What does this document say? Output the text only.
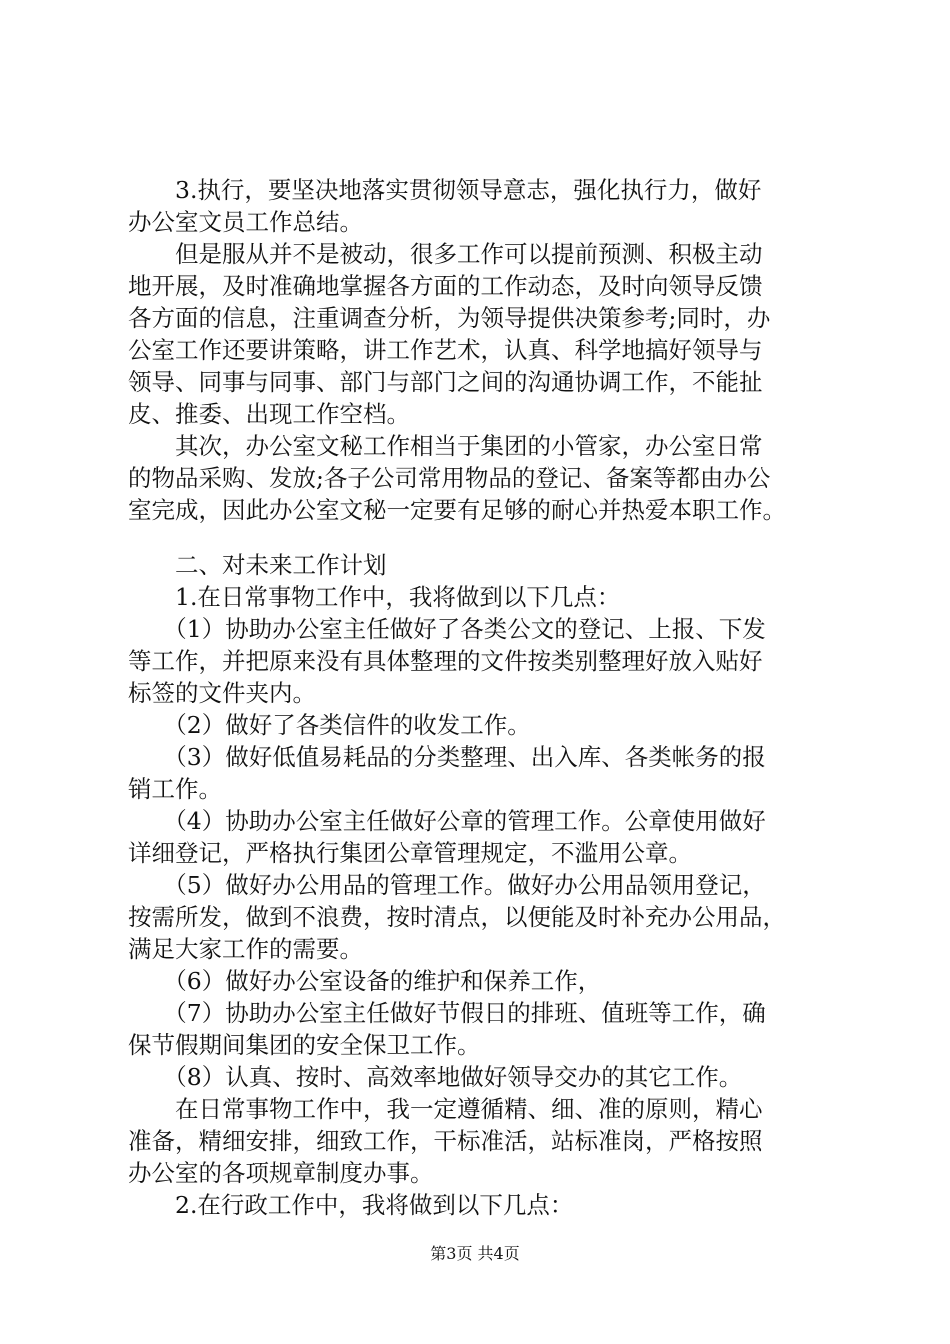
　　3.执行，要坚决地落实贯彻领导意志，强化执行力，做好
办公室文员工作总结。
　　但是服从并不是被动，很多工作可以提前预测、积极主动
地开展，及时准确地掌握各方面的工作动态，及时向领导反馈
各方面的信息，注重调查分析，为领导提供决策参考;同时，办
公室工作还要讲策略，讲工作艺术，认真、科学地搞好领导与
领导、同事与同事、部门与部门之间的沟通协调工作，不能扯
皮、推委、出现工作空档。
　　其次，办公室文秘工作相当于集团的小管家，办公室日常
的物品采购、发放;各子公司常用物品的登记、备案等都由办公
室完成，因此办公室文秘一定要有足够的耐心并热爱本职工作。
　　二、对未来工作计划
　　1.在日常事物工作中，我将做到以下几点：
　　（1）协助办公室主任做好了各类公文的登记、上报、下发
等工作，并把原来没有具体整理的文件按类别整理好放入贴好
标签的文件夹内。
　　（2）做好了各类信件的收发工作。
　　（3）做好低值易耗品的分类整理、出入库、各类帐务的报
销工作。
　　（4）协助办公室主任做好公章的管理工作。公章使用做好
详细登记，严格执行集团公章管理规定，不滥用公章。
　　（5）做好办公用品的管理工作。做好办公用品领用登记，
按需所发，做到不浪费，按时清点，以便能及时补充办公用品，
满足大家工作的需要。
　　（6）做好办公室设备的维护和保养工作，
　　（7）协助办公室主任做好节假日的排班、值班等工作，确
保节假期间集团的安全保卫工作。
　　（8）认真、按时、高效率地做好领导交办的其它工作。
　　在日常事物工作中，我一定遵循精、细、准的原则，精心
准备，精细安排，细致工作，干标准活，站标准岗，严格按照
办公室的各项规章制度办事。
　　2.在行政工作中，我将做到以下几点：
第3页 共4页
